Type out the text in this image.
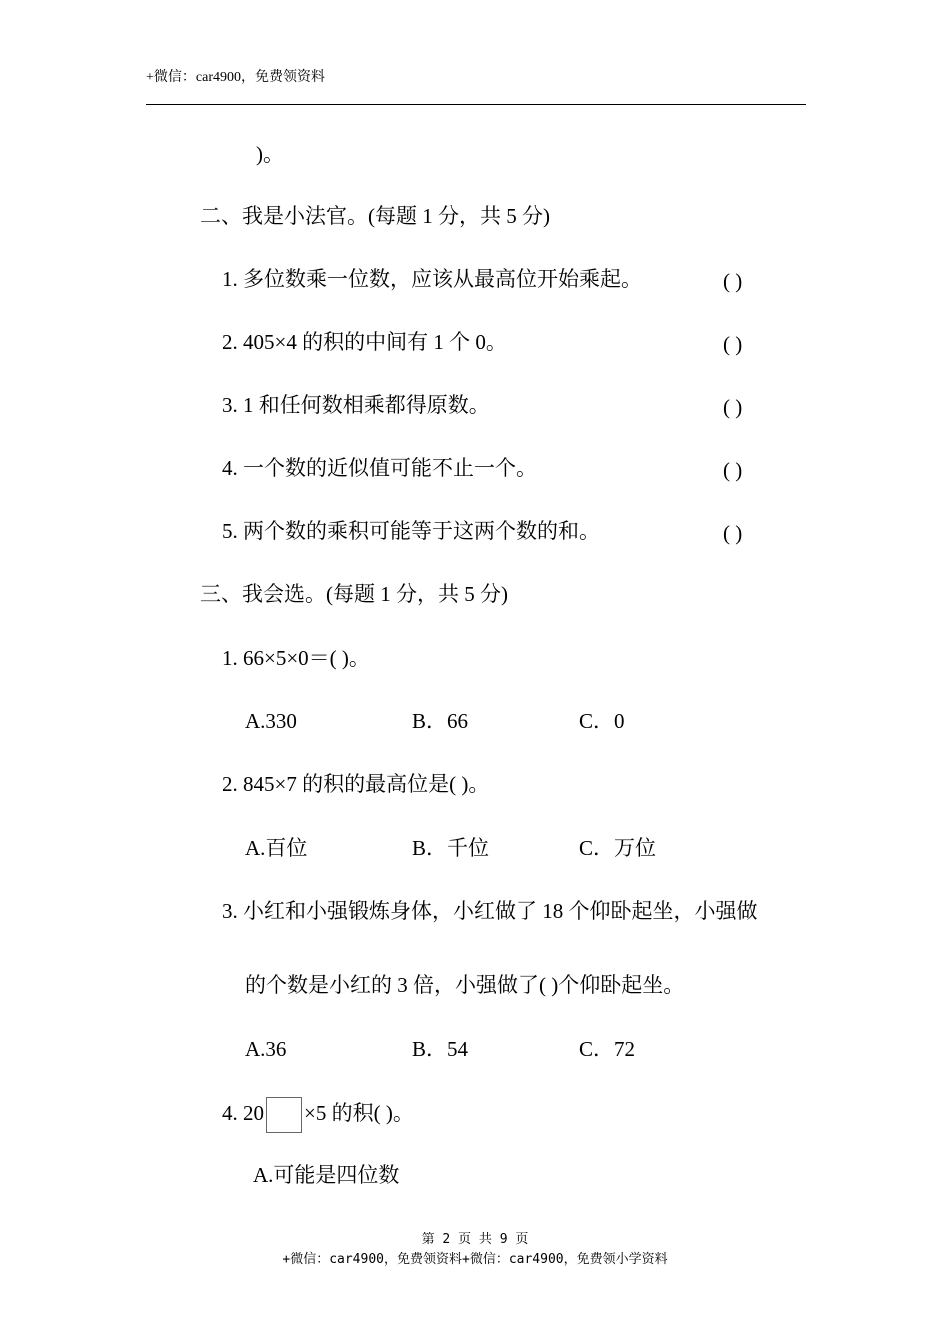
+微信：car4900，免费领资料
)。
二、我是小法官。(每题 1 分，共 5 分)
1. 多位数乘一位数，应该从最高位开始乘起。	( )
2. 405×4 的积的中间有 1 个 0。	( )
3. 1 和任何数相乘都得原数。	( )
4. 一个数的近似值可能不止一个。	( )
5. 两个数的乘积可能等于这两个数的和。	( )
三、我会选。(每题 1 分，共 5 分)
1. 66×5×0＝( )。
A.330	B．66	C．0
2. 845×7 的积的最高位是( )。
A.百位	B．千位	C．万位
3. 小红和小强锻炼身体，小红做了 18 个仰卧起坐，小强做
的个数是小红的 3 倍，小强做了( )个仰卧起坐。
A.36	B．54	C．72
4. 20 ×5 的积( )。
A.可能是四位数
第 2 页 共 9 页
+微信：car4900，免费领资料+微信：car4900，免费领小学资料
